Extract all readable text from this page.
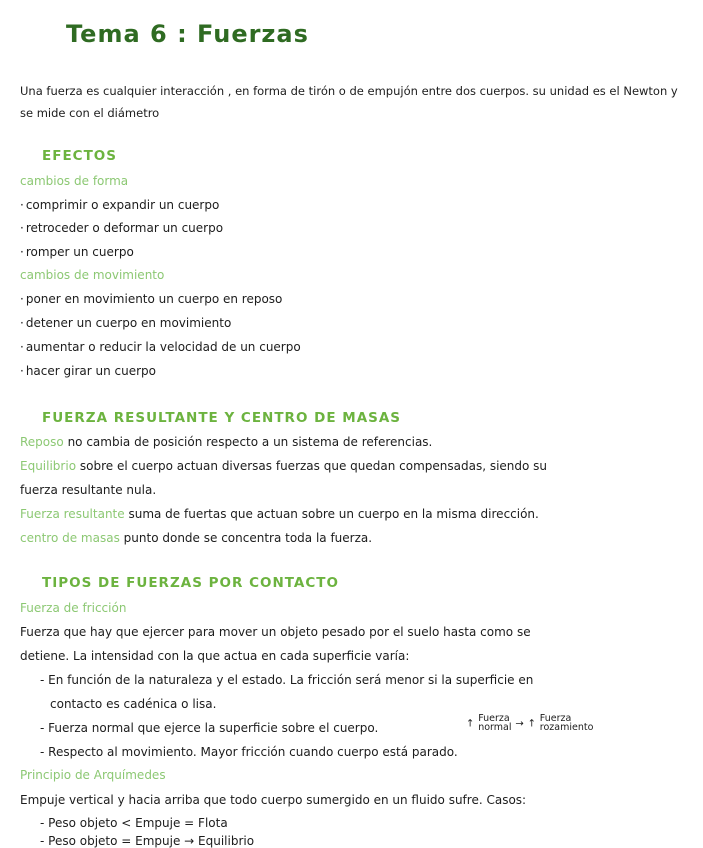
Tema 6 : Fuerzas
Una fuerza es cualquier interacción , en forma de tirón o de empujón entre dos cuerpos. su unidad es el Newton y se mide con el diámetro
EFECTOS
cambios de forma
· comprimir o expandir un cuerpo
· retroceder o deformar un cuerpo
· romper un cuerpo
cambios de movimiento
· poner en movimiento un cuerpo en reposo
· detener un cuerpo en movimiento
· aumentar o reducir la velocidad de un cuerpo
· hacer girar un cuerpo
FUERZA RESULTANTE Y CENTRO DE MASAS
Reposo no cambia de posición respecto a un sistema de referencias.
Equilibrio sobre el cuerpo actuan diversas fuerzas que quedan compensadas, siendo su
fuerza resultante nula.
Fuerza resultante suma de fuertas que actuan sobre un cuerpo en la misma dirección.
centro de masas punto donde se concentra toda la fuerza.
TIPOS DE FUERZAS POR CONTACTO
Fuerza de fricción
Fuerza que hay que ejercer para mover un objeto pesado por el suelo hasta como se
detiene. La intensidad con la que actua en cada superficie varía:
- En función de la naturaleza y el estado. La fricción será menor si la superficie en
contacto es cadénica o lisa.
- Fuerza normal que ejerce la superficie sobre el cuerpo.	↑ Fuerza
normal → ↑ Fuerza
rozamiento
- Respecto al movimiento. Mayor fricción cuando cuerpo está parado.
Principio de Arquímedes
Empuje vertical y hacia arriba que todo cuerpo sumergido en un fluido sufre. Casos:
- Peso objeto < Empuje = Flota
- Peso objeto = Empuje → Equilibrio
